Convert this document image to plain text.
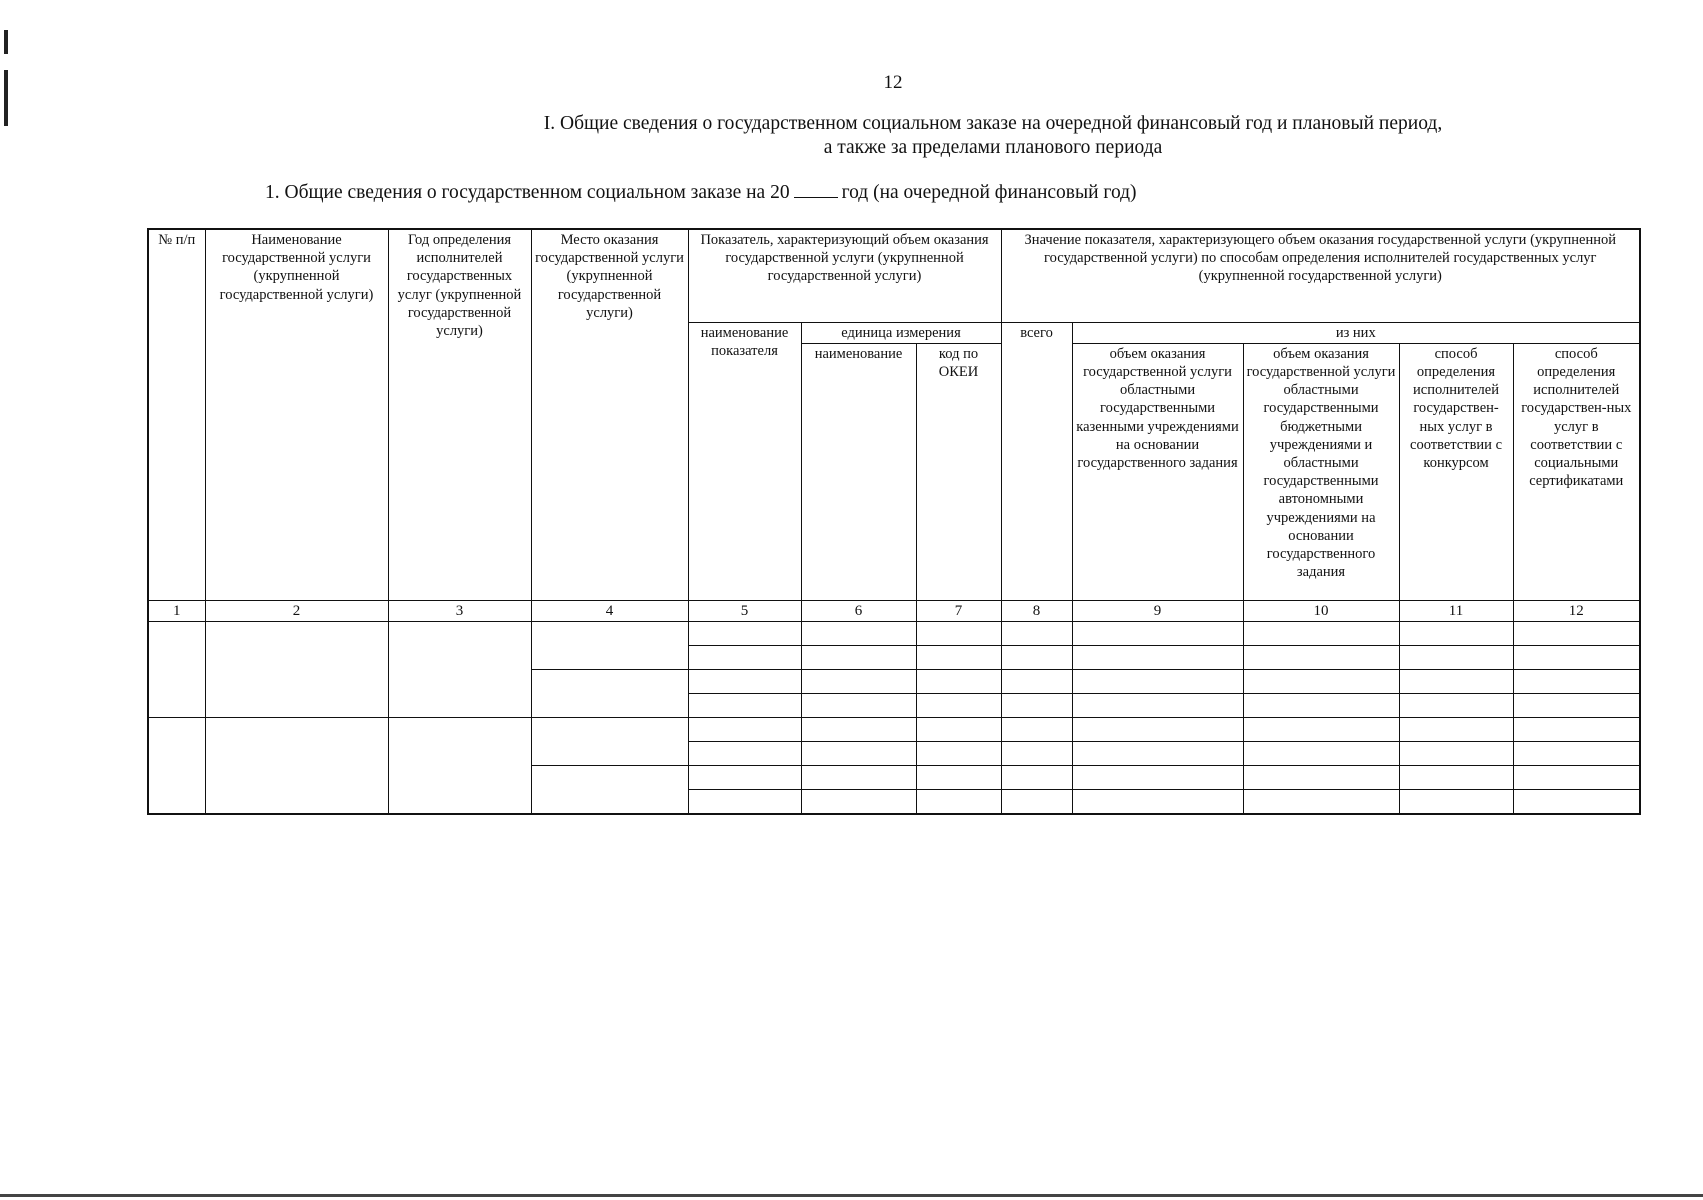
12
I. Общие сведения о государственном социальном заказе на очередной финансовый год и плановый период,
а также за пределами планового периода
1. Общие сведения о государственном социальном заказе на 20	год (на очередной финансовый год)
№ п/п	Наименование государственной услуги (укрупненной государственной услуги)	Год определения исполнителей государственных услуг (укрупненной государственной услуги)	Место оказания государственной услуги (укрупненной государственной услуги)	Показатель, характеризующий объем оказания государственной услуги (укрупненной государственной услуги)			Значение показателя, характеризующего объем оказания государственной услуги (укрупненной государственной услуги) по способам определения исполнителей государственных услуг (укрупненной государственной услуги)				
				наименование показателя	единица измерения		всего	из них			
					наименование	код по ОКЕИ		объем оказания государственной услуги областными государственными казенными учреждениями на основании государственного задания	объем оказания государственной услуги областными государственными бюджетными учреждениями и областными государственными автономными учреждениями на основании государственного задания	способ определения исполнителей государствен-ных услуг в соответствии с конкурсом	способ определения исполнителей государствен-ных услуг в соответствии с социальными сертификатами
1	2	3	4	5	6	7	8	9	10	11	12
